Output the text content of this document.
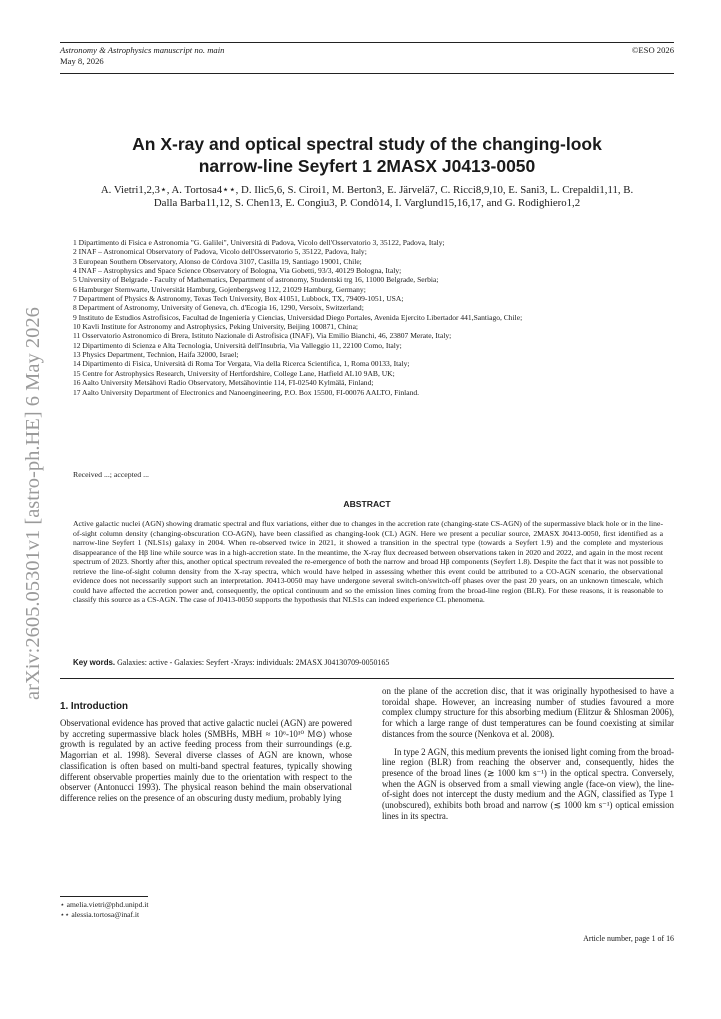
Astronomy & Astrophysics manuscript no. main
May 8, 2026
©ESO 2026
arXiv:2605.05301v1 [astro-ph.HE] 6 May 2026
An X-ray and optical spectral study of the changing-look
narrow-line Seyfert 1 2MASX J0413-0050
A. Vietri1,2,3⋆, A. Tortosa4⋆⋆, D. Ilic5,6, S. Ciroi1, M. Berton3, E. Järvelä7, C. Ricci8,9,10, E. Sani3, L. Crepaldi1,11, B.
Dalla Barba11,12, S. Chen13, E. Congiu3, P. Condò14, I. Varglund15,16,17, and G. Rodighiero1,2
1 Dipartimento di Fisica e Astronomia "G. Galilei", Università di Padova, Vicolo dell'Osservatorio 3, 35122, Padova, Italy;
2 INAF – Astronomical Observatory of Padova, Vicolo dell'Osservatorio 5, 35122, Padova, Italy;
3 European Southern Observatory, Alonso de Córdova 3107, Casilla 19, Santiago 19001, Chile;
4 INAF – Astrophysics and Space Science Observatory of Bologna, Via Gobetti, 93/3, 40129 Bologna, Italy;
5 University of Belgrade - Faculty of Mathematics, Department of astronomy, Studentski trg 16, 11000 Belgrade, Serbia;
6 Hamburger Sternwarte, Universität Hamburg, Gojenbergsweg 112, 21029 Hamburg, Germany;
7 Department of Physics & Astronomy, Texas Tech University, Box 41051, Lubbock, TX, 79409-1051, USA;
8 Department of Astronomy, University of Geneva, ch. d'Ecogia 16, 1290, Versoix, Switzerland;
9 Instituto de Estudios Astrofísicos, Facultad de Ingeniería y Ciencias, Universidad Diego Portales, Avenida Ejercito Libertador 441,Santiago, Chile;
10 Kavli Institute for Astronomy and Astrophysics, Peking University, Beijing 100871, China;
11 Osservatorio Astronomico di Brera, Istituto Nazionale di Astrofisica (INAF), Via Emilio Bianchi, 46, 23807 Merate, Italy;
12 Dipartimento di Scienza e Alta Tecnologia, Università dell'Insubria, Via Valleggio 11, 22100 Como, Italy;
13 Physics Department, Technion, Haifa 32000, Israel;
14 Dipartimento di Fisica, Università di Roma Tor Vergata, Via della Ricerca Scientifica, 1, Roma 00133, Italy;
15 Centre for Astrophysics Research, University of Hertfordshire, College Lane, Hatfield AL10 9AB, UK;
16 Aalto University Metsähovi Radio Observatory, Metsähovintie 114, FI-02540 Kylmälä, Finland;
17 Aalto University Department of Electronics and Nanoengineering, P.O. Box 15500, FI-00076 AALTO, Finland.
Received ...; accepted ...
ABSTRACT
Active galactic nuclei (AGN) showing dramatic spectral and flux variations, either due to changes in the accretion rate (changing-state CS-AGN) of the supermassive black hole or in the line-of-sight column density (changing-obscuration CO-AGN), have been classified as changing-look (CL) AGN. Here we present a peculiar source, 2MASX J0413-0050, first identified as a narrow-line Seyfert 1 (NLS1s) galaxy in 2004. When re-observed twice in 2021, it showed a transition in the spectral type (towards a Seyfert 1.9) and the complete and mysterious disappearance of the Hβ line while source was in a high-accretion state. In the meantime, the X-ray flux decreased between observations taken in 2020 and 2022, and again in the most recent spectrum of 2023. Shortly after this, another optical spectrum revealed the re-emergence of both the narrow and broad Hβ components (Seyfert 1.8). Despite the fact that it was not possible to retrieve the line-of-sight column density from the X-ray spectra, which would have helped in assessing whether this event could be attributed to a CO-AGN scenario, the observational evidence does not necessarily support such an interpretation. J0413-0050 may have undergone several switch-on/switch-off phases over the past 20 years, on an unknown timescale, which could have affected the accretion power and, consequently, the optical continuum and so the emission lines coming from the broad-line region (BLR). For these reasons, it is reasonable to classify this source as a CS-AGN. The case of J0413-0050 supports the hypothesis that NLS1s can indeed experience CL phenomena.
Key words. Galaxies: active - Galaxies: Seyfert -Xrays: individuals: 2MASX J04130709-0050165
1. Introduction

Observational evidence has proved that active galactic nuclei (AGN) are powered by accreting supermassive black holes (SMBHs, MBH ≈ 10⁶-10¹⁰ M⊙) whose growth is regulated by an active feeding process from their surroundings (e.g. Magorrian et al. 1998). Several diverse classes of AGN are known, whose classification is often based on multi-band spectral features, typically showing different observable properties mainly due to the orientation with respect to the observer (Antonucci 1993). The physical reason behind the main observational difference relies on the presence of an obscuring dusty medium, probably lying

on the plane of the accretion disc, that it was originally hypothesised to have a toroidal shape. However, an increasing number of studies favoured a more complex clumpy structure for this absorbing medium (Elitzur & Shlosman 2006), for which a large range of dust temperatures can be found coexisting at similar distances from the source (Nenkova et al. 2008).

In type 2 AGN, this medium prevents the ionised light coming from the broad-line region (BLR) from reaching the observer and, consequently, hides the presence of the broad lines (≳ 1000 km s⁻¹) in the optical spectra. Conversely, when the AGN is observed from a small viewing angle (face-on view), the line-of-sight does not intercept the dusty medium and the AGN, classified as Type 1 (unobscured), exhibits both broad and narrow (≲ 1000 km s⁻¹) optical emission lines in its spectra.

⋆ amelia.vietri@phd.unipd.it
⋆⋆ alessia.tortosa@inaf.it
Article number, page 1 of 16
